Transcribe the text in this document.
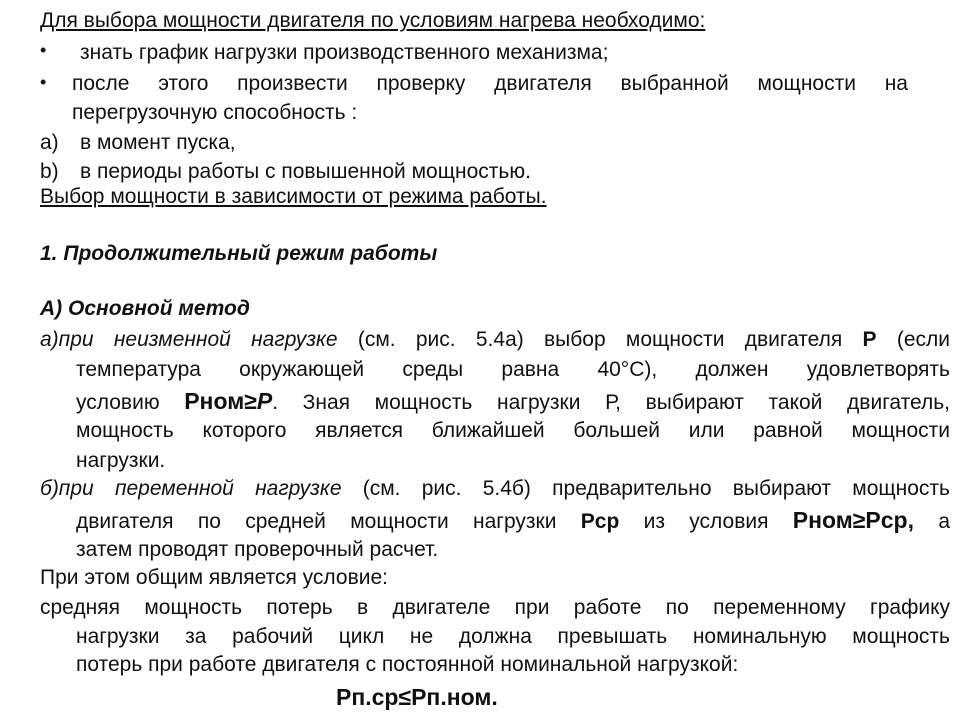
Для выбора мощности двигателя по условиям нагрева необходимо:
• знать график нагрузки производственного механизма;
• после этого произвести проверку двигателя выбранной мощности на
перегрузочную способность :
a) в момент пуска,
b) в периоды работы с повышенной мощностью.
Выбор мощности в зависимости от режима работы.
1. Продолжительный режим работы
А) Основной метод
а)при неизменной нагрузке (см. рис. 5.4а) выбор мощности двигателя Р (если
температура окружающей среды равна 40°С), должен удовлетворять
условию Рном≥Р. Зная мощность нагрузки Р, выбирают такой двигатель,
мощность которого является ближайшей большей или равной мощности
нагрузки.
б)при переменной нагрузке (см. рис. 5.4б) предварительно выбирают мощность
двигателя по средней мощности нагрузки Рср из условия Рном≥Рср, а
затем проводят проверочный расчет.
При этом общим является условие:
средняя мощность потерь в двигателе при работе по переменному графику
нагрузки за рабочий цикл не должна превышать номинальную мощность
потерь при работе двигателя с постоянной номинальной нагрузкой:
Рп.ср≤Рп.ном.
